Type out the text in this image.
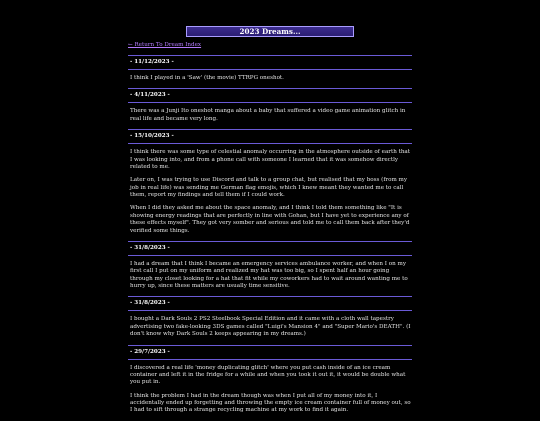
2023 Dreams...
← Return To Dream Index
- 11/12/2023 -

I think I played in a 'Saw' (the movie) TTRPG oneshot.

- 4/11/2023 -

There was a Junji Ito oneshot manga about a baby that suffered a video game animation glitch in real life and became very long.

- 15/10/2023 -

I think there was some type of celestial anomaly occurring in the atmosphere outside of earth that I was looking into, and from a phone call with someone I learned that it was somehow directly related to me.

Later on, I was trying to use Discord and talk to a group chat, but realised that my boss (from my job in real life) was sending me German flag emojis, which I knew meant they wanted me to call them, report my findings and tell them if I could work.

When I did they asked me about the space anomaly, and I think I told them something like "It is showing energy readings that are perfectly in line with Gohan, but I have yet to experience any of these effects myself". They got very somber and serious and told me to call them back after they'd verified some things.

- 31/8/2023 -

I had a dream that I think I became an emergency services ambulance worker, and when I on my first call I put on my uniform and realized my hat was too big, so I spent half an hour going through my closet looking for a hat that fit while my coworkers had to wait around wanting me to hurry up, since these matters are usually time sensitive.

- 31/8/2023 -

I bought a Dark Souls 2 PS2 Steelbook Special Edition and it came with a cloth wall tapestry advertising two fake-looking 3DS games called "Luigi's Mansion 4" and "Super Mario's DEATH". (I don't know why Dark Souls 2 keeps appearing in my dreams.)

- 29/7/2023 -

I discovered a real life 'money duplicating glitch' where you put cash inside of an ice cream container and left it in the fridge for a while and when you took it out it, it would be double what you put in.

I think the problem I had in the dream though was when I put all of my money into it, I accidentally ended up forgetting and throwing the empty ice cream container full of money out, so I had to sift through a strange recycling machine at my work to find it again.
